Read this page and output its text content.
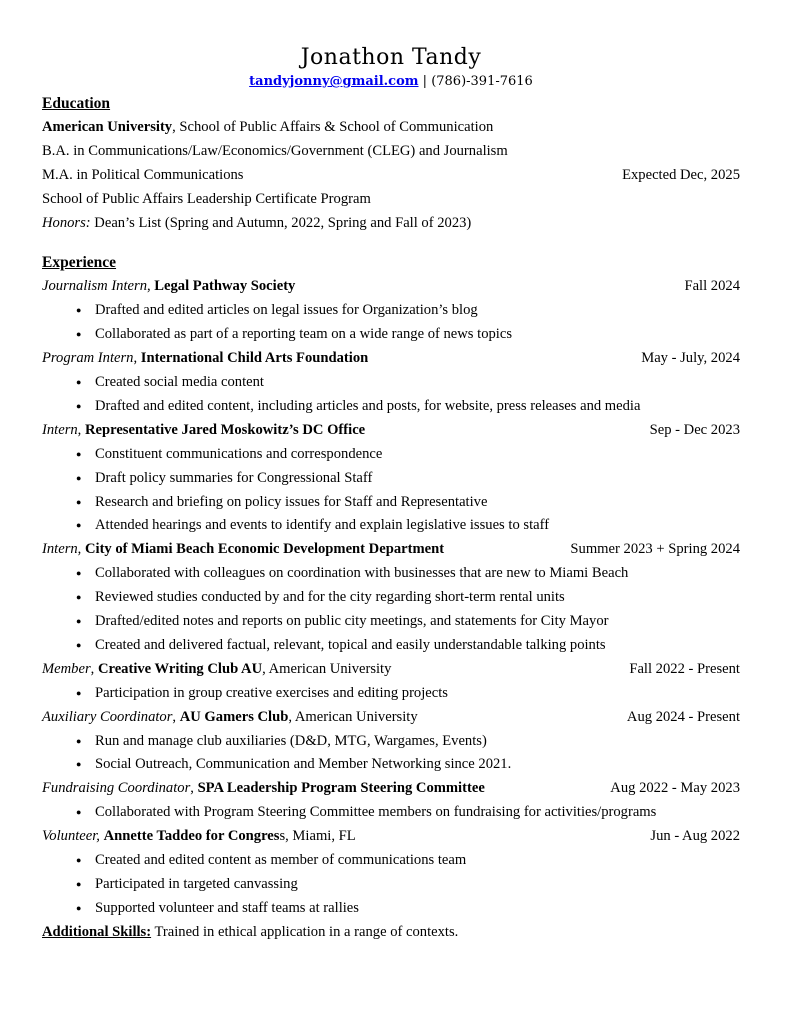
Jonathon Tandy
tandyjonny@gmail.com | (786)-391-7616
Education
American University, School of Public Affairs & School of Communication
B.A. in Communications/Law/Economics/Government (CLEG) and Journalism
M.A. in Political Communications	Expected Dec, 2025
School of Public Affairs Leadership Certificate Program
Honors: Dean’s List (Spring and Autumn, 2022, Spring and Fall of 2023)
Experience
Journalism Intern, Legal Pathway Society	Fall 2024
● Drafted and edited articles on legal issues for Organization’s blog
● Collaborated as part of a reporting team on a wide range of news topics
Program Intern, International Child Arts Foundation	May - July, 2024
● Created social media content
● Drafted and edited content, including articles and posts, for website, press releases and media
Intern, Representative Jared Moskowitz’s DC Office	Sep - Dec 2023
● Constituent communications and correspondence
● Draft policy summaries for Congressional Staff
● Research and briefing on policy issues for Staff and Representative
● Attended hearings and events to identify and explain legislative issues to staff
Intern, City of Miami Beach Economic Development Department	Summer 2023 + Spring 2024
● Collaborated with colleagues on coordination with businesses that are new to Miami Beach
● Reviewed studies conducted by and for the city regarding short-term rental units
● Drafted/edited notes and reports on public city meetings, and statements for City Mayor
● Created and delivered factual, relevant, topical and easily understandable talking points
Member, Creative Writing Club AU, American University	Fall 2022 - Present
● Participation in group creative exercises and editing projects
Auxiliary Coordinator, AU Gamers Club, American University	Aug 2024 - Present
● Run and manage club auxiliaries (D&D, MTG, Wargames, Events)
● Social Outreach, Communication and Member Networking since 2021.
Fundraising Coordinator, SPA Leadership Program Steering Committee	Aug 2022 - May 2023
● Collaborated with Program Steering Committee members on fundraising for activities/programs
Volunteer, Annette Taddeo for Congress, Miami, FL	Jun - Aug 2022
● Created and edited content as member of communications team
● Participated in targeted canvassing
● Supported volunteer and staff teams at rallies
Additional Skills: Trained in ethical application in a range of contexts.
